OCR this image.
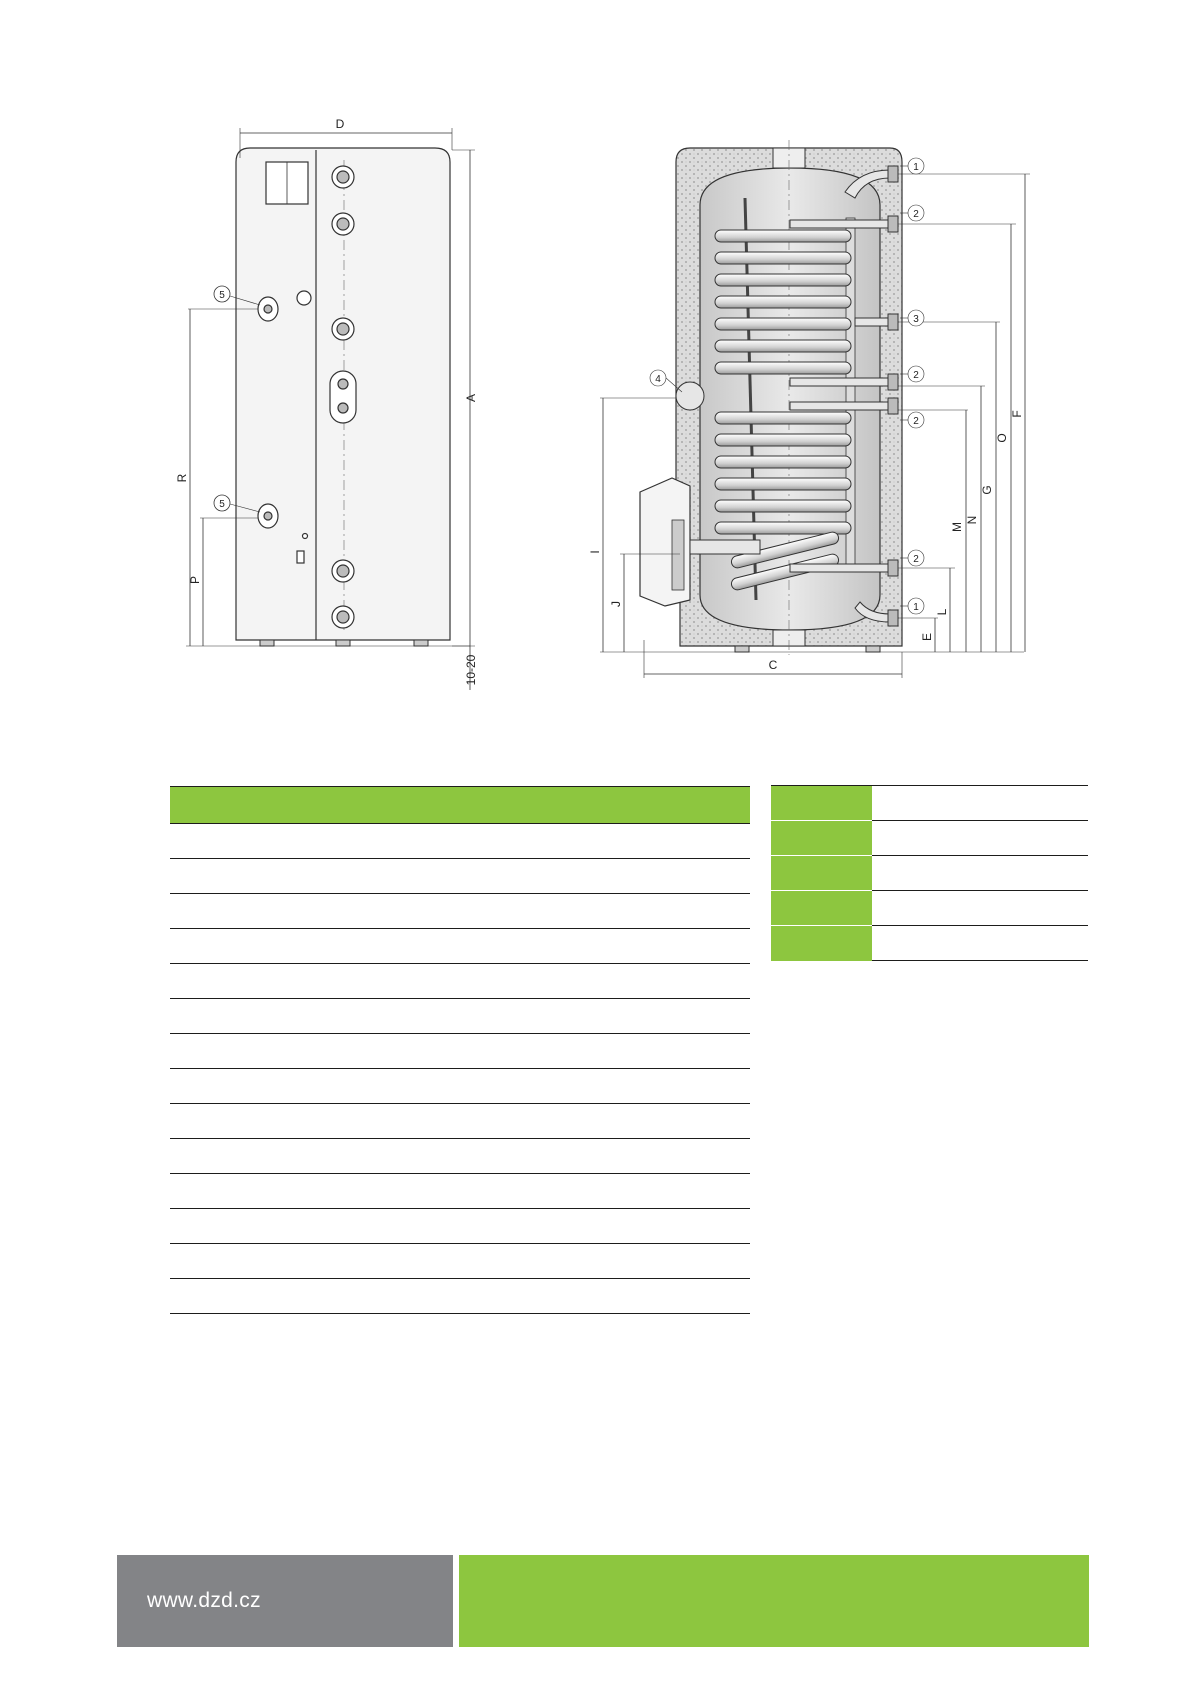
D
A
10-20
R
P
5
5
C
I
J
F
O
G
N
M
L
E
1
2
3
2
2
2
1
4

www.dzd.cz
